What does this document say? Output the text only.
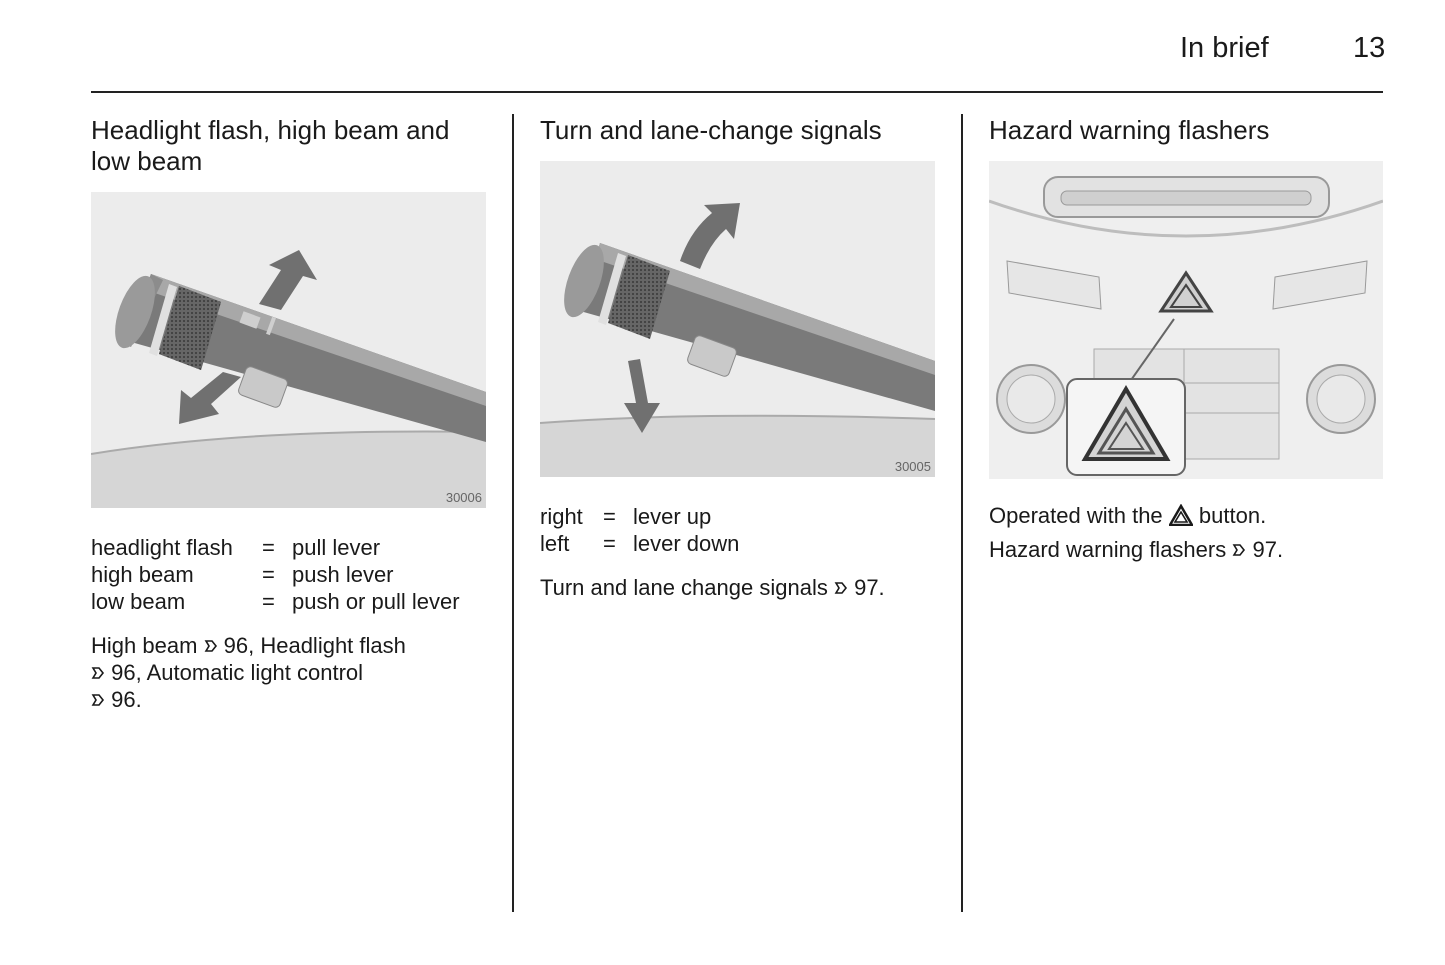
In brief	13
Headlight flash, high beam and low beam
30006
headlight flash = pull lever
high beam	= push lever
low beam	= push or pull lever
High beam 96, Headlight flash
96, Automatic light control
96.
Turn and lane-change signals
30005
right = lever up
left = lever down
Turn and lane change signals 97.
Hazard warning flashers
Operated with the button.
Hazard warning flashers 97.
